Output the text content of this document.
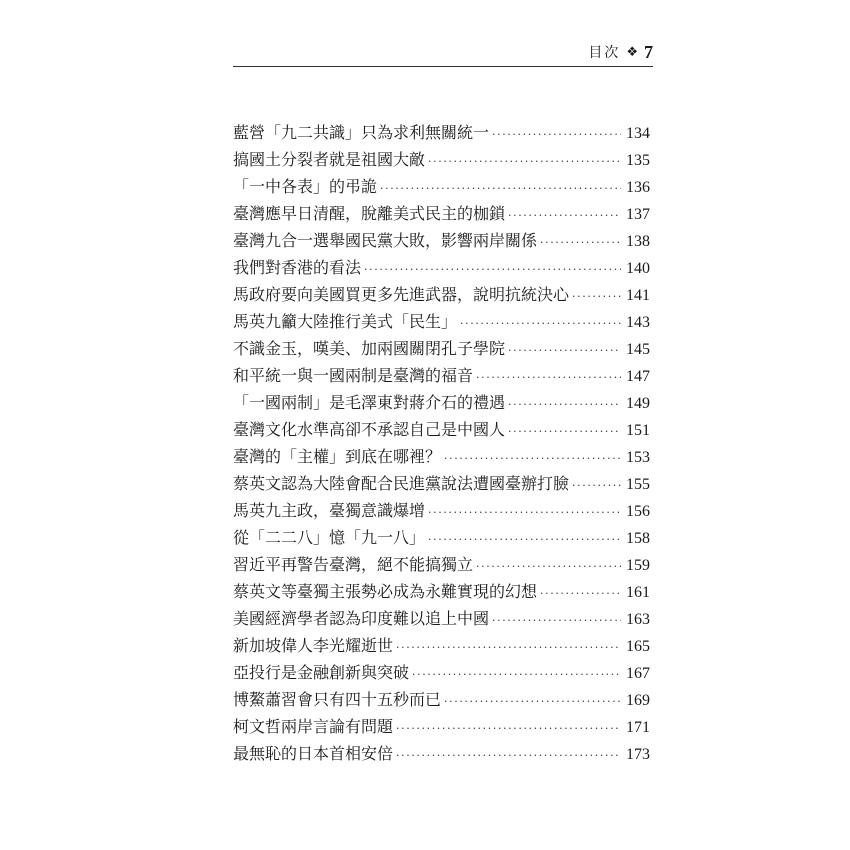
目次 ❖ 7
藍營「九二共識」只為求利無關統一 ·····	134
搞國土分裂者就是祖國大敵 ·····	135
「一中各表」的弔詭 ·····	136
臺灣應早日清醒，脫離美式民主的枷鎖 ·····	137
臺灣九合一選舉國民黨大敗，影響兩岸關係 ·····	138
我們對香港的看法 ·····	140
馬政府要向美國買更多先進武器，說明抗統決心 ·····	141
馬英九籲大陸推行美式「民生」 ·····	143
不識金玉，嘆美、加兩國關閉孔子學院 ·····	145
和平統一與一國兩制是臺灣的福音 ·····	147
「一國兩制」是毛澤東對蔣介石的禮遇 ·····	149
臺灣文化水準高卻不承認自己是中國人 ·····	151
臺灣的「主權」到底在哪裡？ ·····	153
蔡英文認為大陸會配合民進黨說法遭國臺辦打臉 ·····	155
馬英九主政，臺獨意識爆增 ·····	156
從「二二八」憶「九一八」 ·····	158
習近平再警告臺灣，絕不能搞獨立 ·····	159
蔡英文等臺獨主張勢必成為永難實現的幻想 ·····	161
美國經濟學者認為印度難以追上中國 ·····	163
新加坡偉人李光耀逝世 ·····	165
亞投行是金融創新與突破 ·····	167
博鰲蕭習會只有四十五秒而已 ·····	169
柯文哲兩岸言論有問題 ·····	171
最無恥的日本首相安倍 ·····	173
